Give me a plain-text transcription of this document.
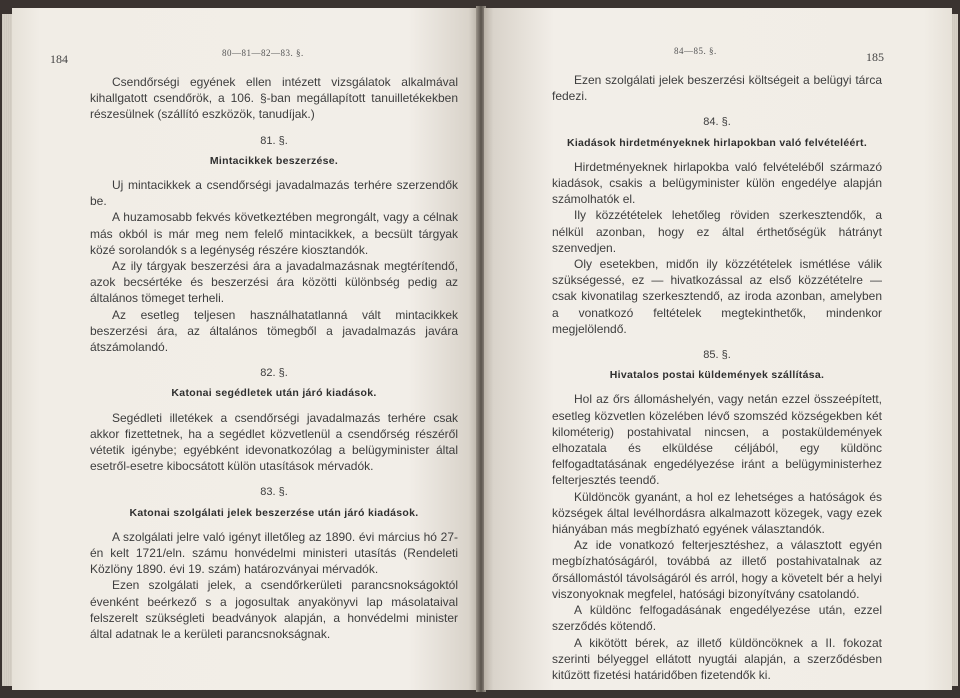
184	80—81—82—83. §.

Csendőrségi egyének ellen intézett vizsgálatok alkalmával kihallgatott csendőrök, a 106. §-ban megállapított tanuilletékekben részesülnek (szállító eszközök, tanudíjak.)

81. §.

Mintacikkek beszerzése.

Uj mintacikkek a csendőrségi javadalmazás terhére szerzendők be.

A huzamosabb fekvés következtében megrongált, vagy a célnak más okból is már meg nem felelő mintacikkek, a becsült tárgyak közé sorolandók s a legénység részére kiosztandók.

Az ily tárgyak beszerzési ára a javadalmazásnak megtérítendő, azok becsértéke és beszerzési ára közötti különbség pedig az általános tömeget terheli.

Az esetleg teljesen használhatatlanná vált mintacikkek beszerzési ára, az általános tömegből a javadalmazás javára átszámolandó.

82. §.

Katonai segédletek után járó kiadások.

Segédleti illetékek a csendőrségi javadalmazás terhére csak akkor fizettetnek, ha a segédlet közvetlenül a csendőrség részéről vétetik igénybe; egyébként idevonatkozólag a belügyminister által esetről-esetre kibocsátott külön utasítások mérvadók.

83. §.

Katonai szolgálati jelek beszerzése után járó kiadások.

A szolgálati jelre való igényt illetőleg az 1890. évi március hó 27-én kelt 1721/eln. számu honvédelmi ministeri utasítás (Rendeleti Közlöny 1890. évi 19. szám) határozványai mérvadók.

Ezen szolgálati jelek, a csendőrkerületi parancsnokságoktól évenként beérkező s a jogosultak anyakönyvi lap másolataival felszerelt szükségleti beadványok alapján, a honvédelmi minister által adatnak le a kerületi parancsnokságnak.

84—85. §.	185

Ezen szolgálati jelek beszerzési költségeit a belügyi tárca fedezi.

84. §.

Kiadások hirdetményeknek hirlapokban való felvételéért.

Hirdetményeknek hirlapokba való felvételéből származó kiadások, csakis a belügyminister külön engedélye alapján számolhatók el.

Ily közzétételek lehetőleg röviden szerkesztendők, a nélkül azonban, hogy ez által érthetőségük hátrányt szenvedjen.

Oly esetekben, midőn ily közzétételek ismétlése válik szükségessé, ez — hivatkozással az első közzétételre — csak kivonatilag szerkesztendő, az iroda azonban, amelyben a vonatkozó feltételek megtekinthetők, mindenkor megjelölendő.

85. §.

Hivatalos postai küldemények szállítása.

Hol az őrs állomáshelyén, vagy netán ezzel összeépített, esetleg közvetlen közelében lévő szomszéd községekben két kilométerig) postahivatal nincsen, a postaküldemények elhozatala és elküldése céljából, egy küldönc felfogadtatásának engedélyezése iránt a belügyministerhez felterjesztés teendő.

Küldöncök gyanánt, a hol ez lehetséges a hatóságok és községek által levélhordásra alkalmazott közegek, vagy ezek hiányában más megbízható egyének választandók.

Az ide vonatkozó felterjesztéshez, a választott egyén megbízhatóságáról, továbbá az illető postahivatalnak az őrsállomástól távolságáról és arról, hogy a követelt bér a helyi viszonyoknak megfelel, hatósági bizonyítvány csatolandó.

A küldönc felfogadásának engedélyezése után, ezzel szerződés kötendő.

A kikötött bérek, az illető küldöncöknek a II. fokozat szerinti bélyeggel ellátott nyugtái alapján, a szerződésben kitűzött fizetési határidőben fizetendők ki.
